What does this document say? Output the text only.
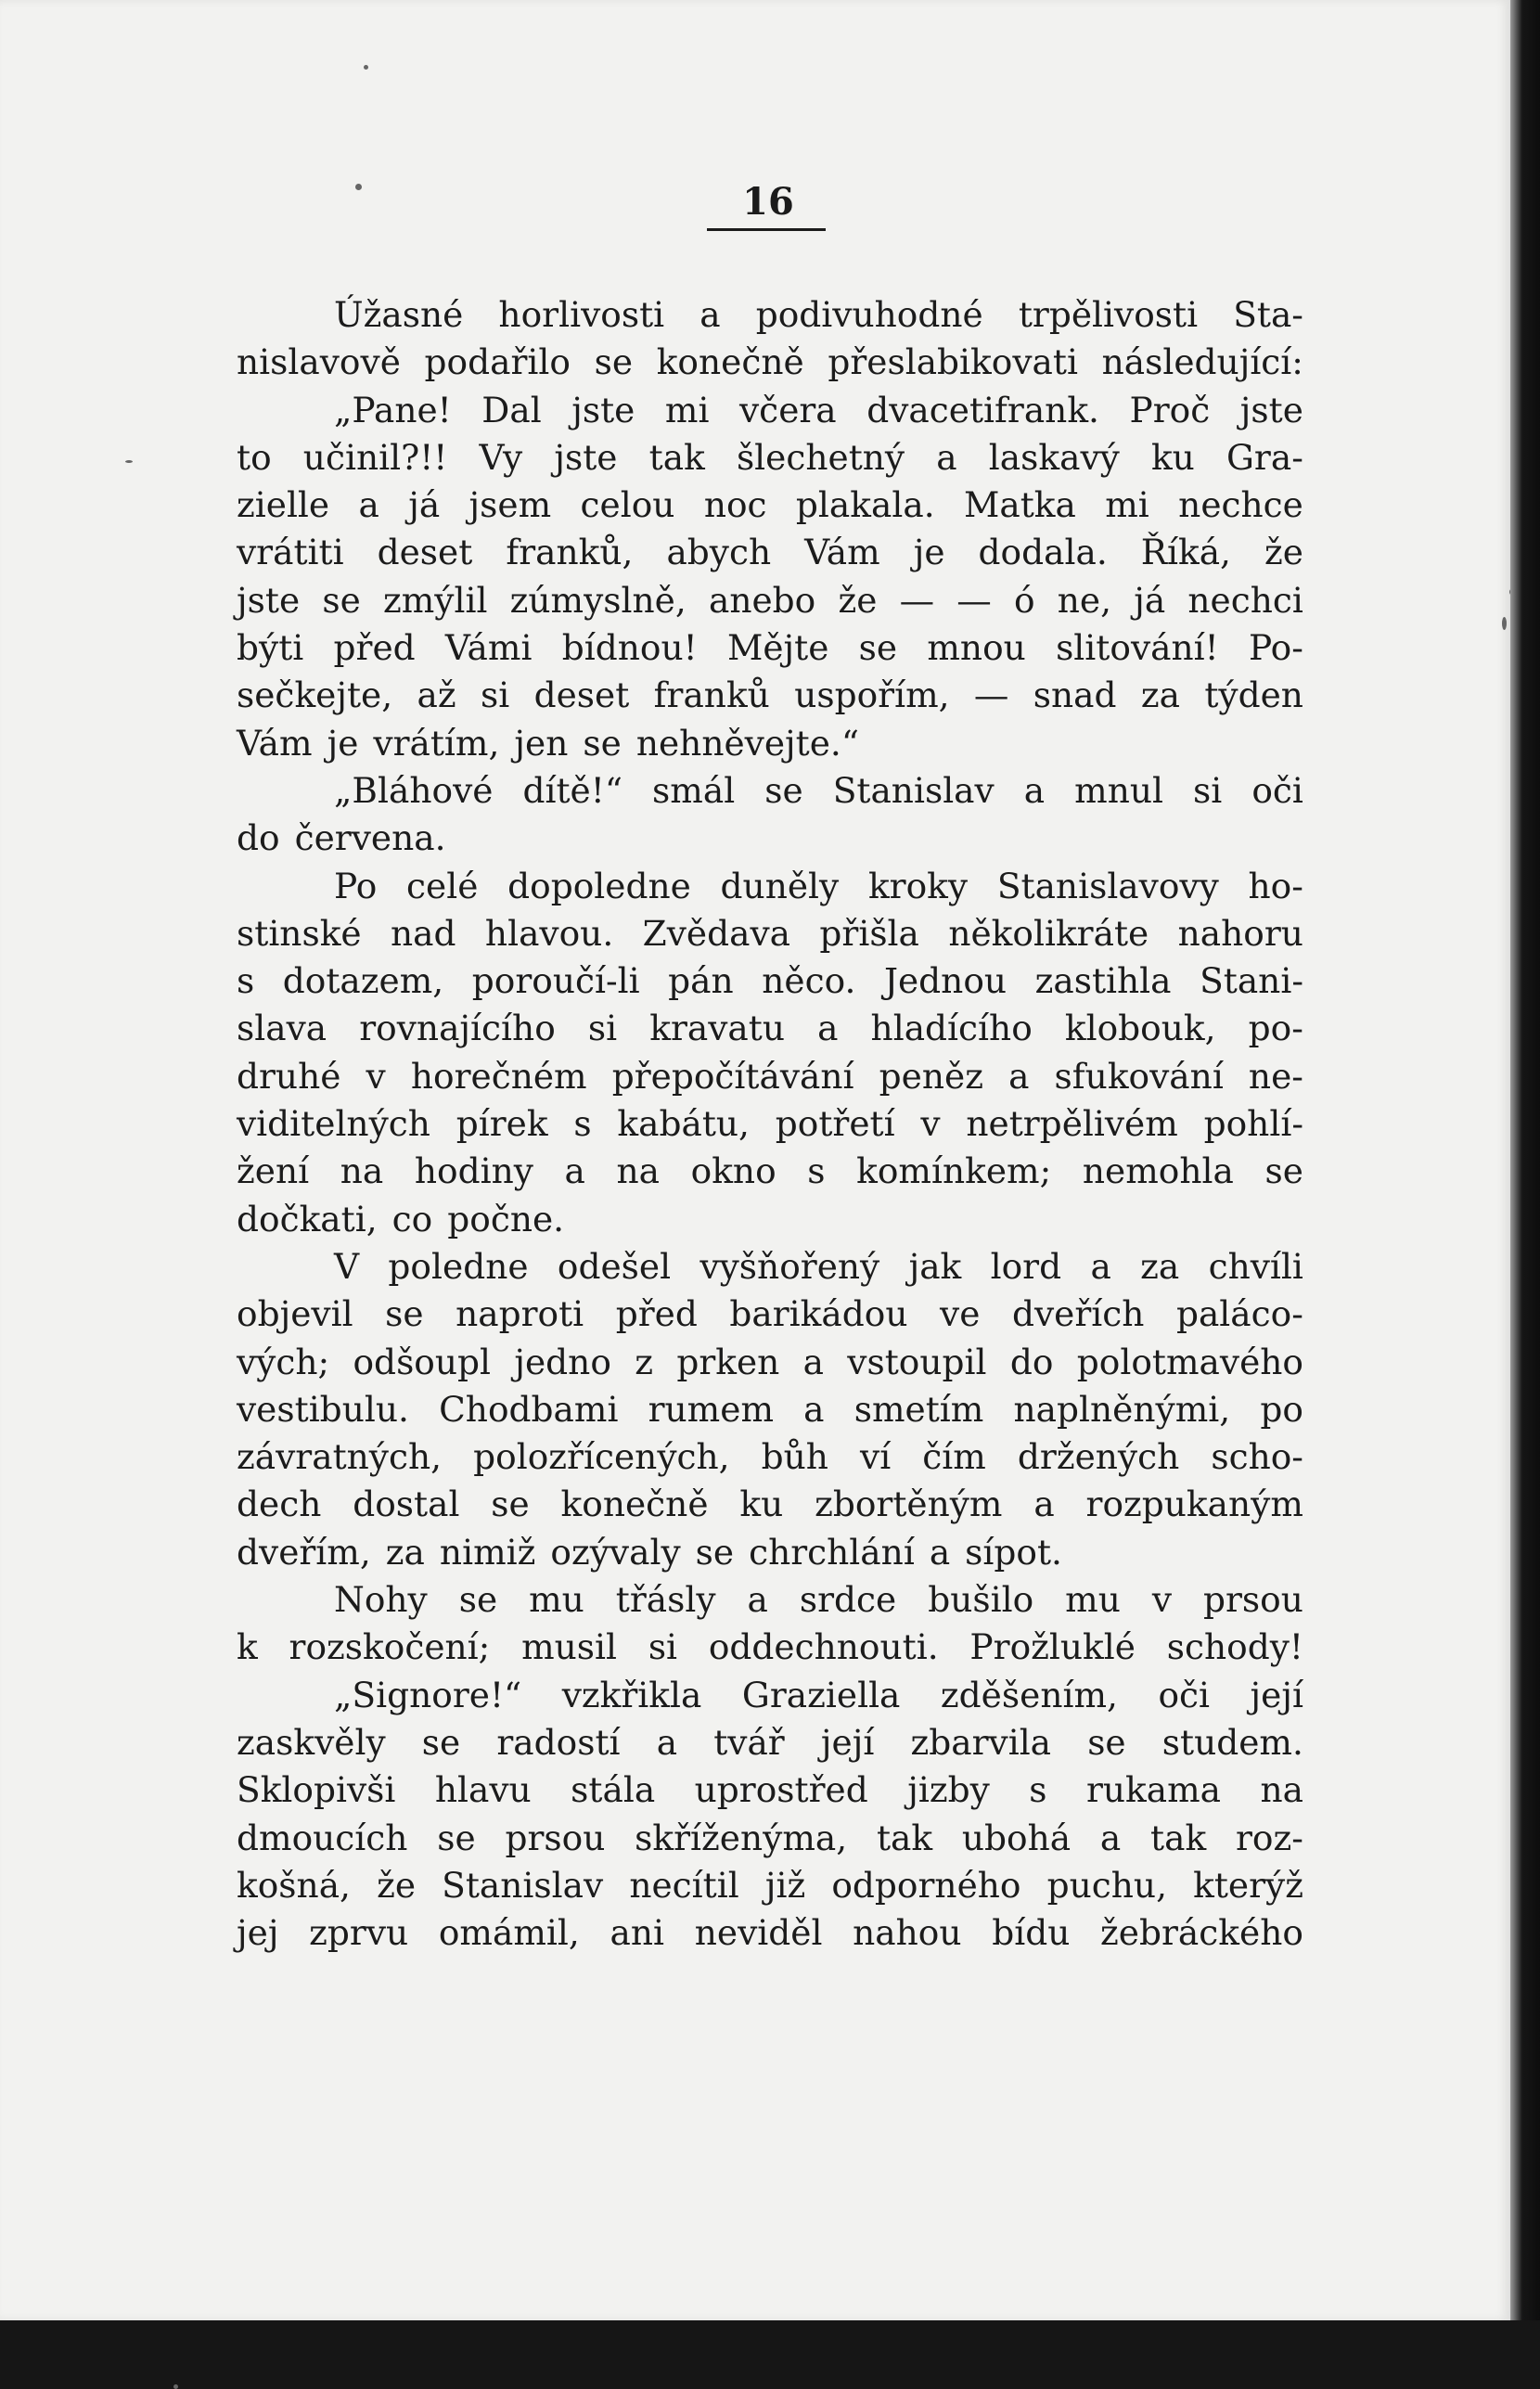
16
Úžasné horlivosti a podivuhodné trpělivosti Sta-
nislavově podařilo se konečně přeslabikovati následující:
„Pane! Dal jste mi včera dvacetifrank. Proč jste
to učinil?!! Vy jste tak šlechetný a laskavý ku Gra-
zielle a já jsem celou noc plakala. Matka mi nechce
vrátiti deset franků, abych Vám je dodala. Říká, že
jste se zmýlil zúmyslně, anebo že — — ó ne, já nechci
býti před Vámi bídnou! Mějte se mnou slitování! Po-
sečkejte, až si deset franků uspořím, — snad za týden
Vám je vrátím, jen se nehněvejte.“
„Bláhové dítě!“ smál se Stanislav a mnul si oči
do červena.
Po celé dopoledne duněly kroky Stanislavovy ho-
stinské nad hlavou. Zvědava přišla několikráte nahoru
s dotazem, poroučí-li pán něco. Jednou zastihla Stani-
slava rovnajícího si kravatu a hladícího klobouk, po-
druhé v horečném přepočítávání peněz a sfukování ne-
viditelných pírek s kabátu, potřetí v netrpělivém pohlí-
žení na hodiny a na okno s komínkem; nemohla se
dočkati, co počne.
V poledne odešel vyšňořený jak lord a za chvíli
objevil se naproti před barikádou ve dveřích paláco-
vých; odšoupl jedno z prken a vstoupil do polotmavého
vestibulu. Chodbami rumem a smetím naplněnými, po
závratných, polozřícených, bůh ví čím držených scho-
dech dostal se konečně ku zbortěným a rozpukaným
dveřím, za nimiž ozývaly se chrchlání a sípot.
Nohy se mu třásly a srdce bušilo mu v prsou
k rozskočení; musil si oddechnouti. Prožluklé schody!
„Signore!“ vzkřikla Graziella zděšením, oči její
zaskvěly se radostí a tvář její zbarvila se studem.
Sklopivši hlavu stála uprostřed jizby s rukama na
dmoucích se prsou skříženýma, tak ubohá a tak roz-
košná, že Stanislav necítil již odporného puchu, kterýž
jej zprvu omámil, ani neviděl nahou bídu žebráckého
